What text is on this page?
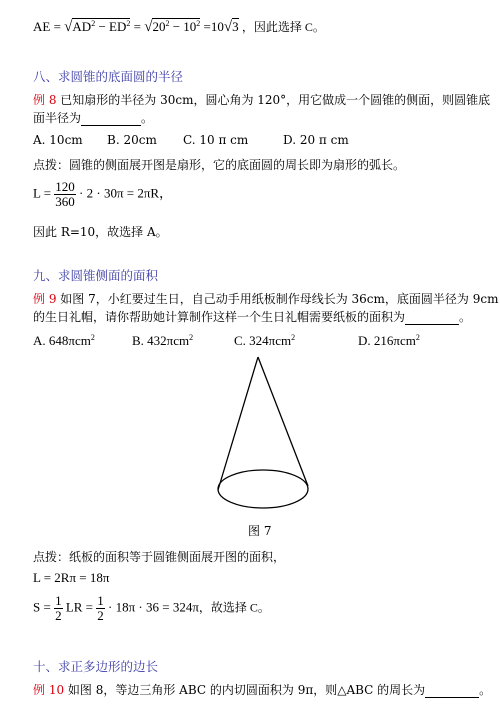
AE = $√AD^2 - ED^2 = √20^2 - 10^2 =10√3$ ，因此选择 C。
八、求圆锥的底面圆的半径
例 8 已知扇形的半径为 30cm，圆心角为 120°，用它做成一个圆锥的侧面，则圆锥底
面半径为	。
A. 10cm B. 20cm C. 10 π cm	D. 20 π cm
点拨：圆锥的侧面展开图是扇形，它的底面圆的周长即为扇形的弧长。
$L = \frac{120}{360} \cdot 2 \cdot 30\pi = 2\pi R$，
因此 R=10，故选择 A。
九、求圆锥侧面的面积
例 9 如图 7，小红要过生日，自己动手用纸板制作母线长为 36cm，底面圆半径为 9cm
的生日礼帽，请你帮助她计算制作这样一个生日礼帽需要纸板的面积为	。
A. 648πcm$^2$	B. 432πcm$^2$	C. 324πcm$^2$	D. 216πcm$^2$
图 7
点拨：纸板的面积等于圆锥侧面展开图的面积，
L = 2Rπ = 18π
$S = \frac{1}{2}$ LR = $\frac{1}{2} \cdot 18\pi \cdot 36 = 324\pi$，故选择 C。
十、求正多边形的边长
例 10 如图 8，等边三角形 ABC 的内切圆面积为 9π，则△ABC 的周长为	。
